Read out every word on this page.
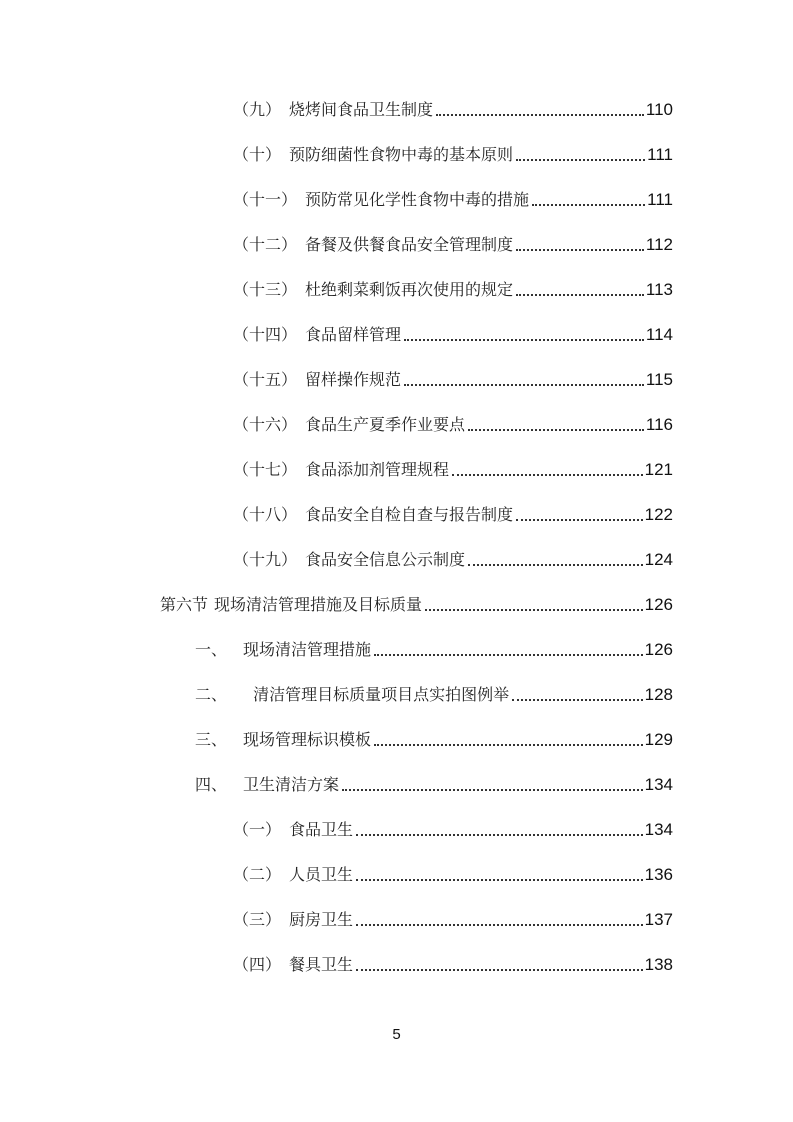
（九） 烧烤间食品卫生制度	110
（十） 预防细菌性食物中毒的基本原则	111
（十一） 预防常见化学性食物中毒的措施	111
（十二） 备餐及供餐食品安全管理制度	112
（十三） 杜绝剩菜剩饭再次使用的规定	113
（十四） 食品留样管理	114
（十五） 留样操作规范	115
（十六） 食品生产夏季作业要点	116
（十七） 食品添加剂管理规程	121
（十八） 食品安全自检自查与报告制度	122
（十九） 食品安全信息公示制度	124
第六节 现场清洁管理措施及目标质量	126
一、 现场清洁管理措施	126
二、 清洁管理目标质量项目点实拍图例举	128
三、 现场管理标识模板	129
四、 卫生清洁方案	134
（一） 食品卫生	134
（二） 人员卫生	136
（三） 厨房卫生	137
（四） 餐具卫生	138
5
